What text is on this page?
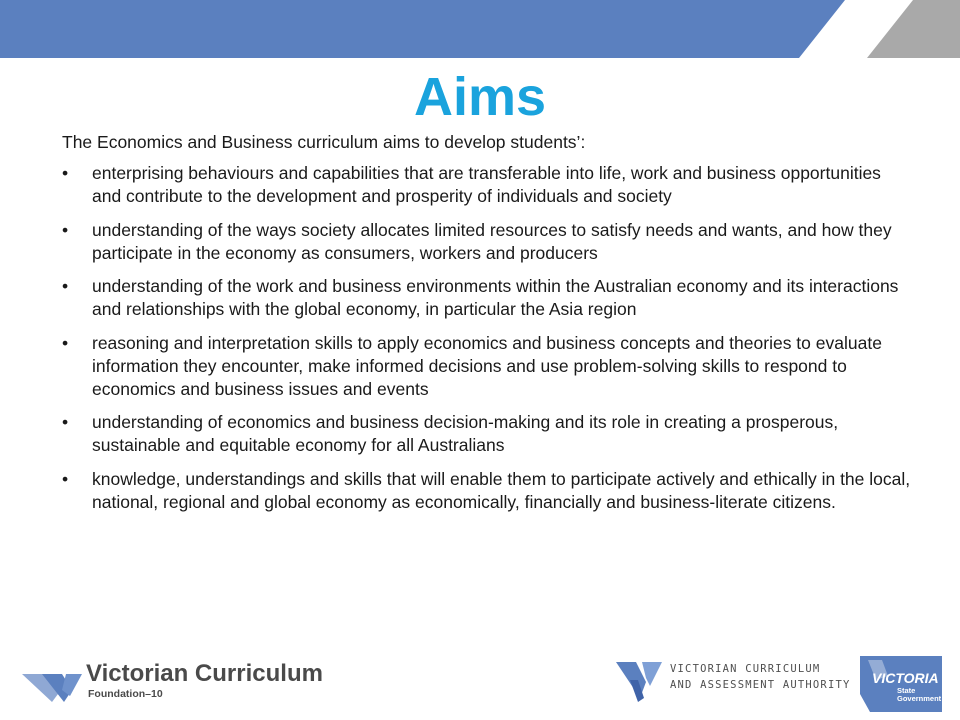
Aims

The Economics and Business curriculum aims to develop students’:

• enterprising behaviours and capabilities that are transferable into life, work and business opportunities and contribute to the development and prosperity of individuals and society
• understanding of the ways society allocates limited resources to satisfy needs and wants, and how they participate in the economy as consumers, workers and producers
• understanding of the work and business environments within the Australian economy and its interactions and relationships with the global economy, in particular the Asia region
• reasoning and interpretation skills to apply economics and business concepts and theories to evaluate information they encounter, make informed decisions and use problem-solving skills to respond to economics and business issues and events
• understanding of economics and business decision-making and its role in creating a prosperous, sustainable and equitable economy for all Australians
• knowledge, understandings and skills that will enable them to participate actively and ethically in the local, national, regional and global economy as economically, financially and business-literate citizens.
Victorian Curriculum
Foundation–10
VICTORIAN CURRICULUM
AND ASSESSMENT AUTHORITY VICTORIA
State
Government
